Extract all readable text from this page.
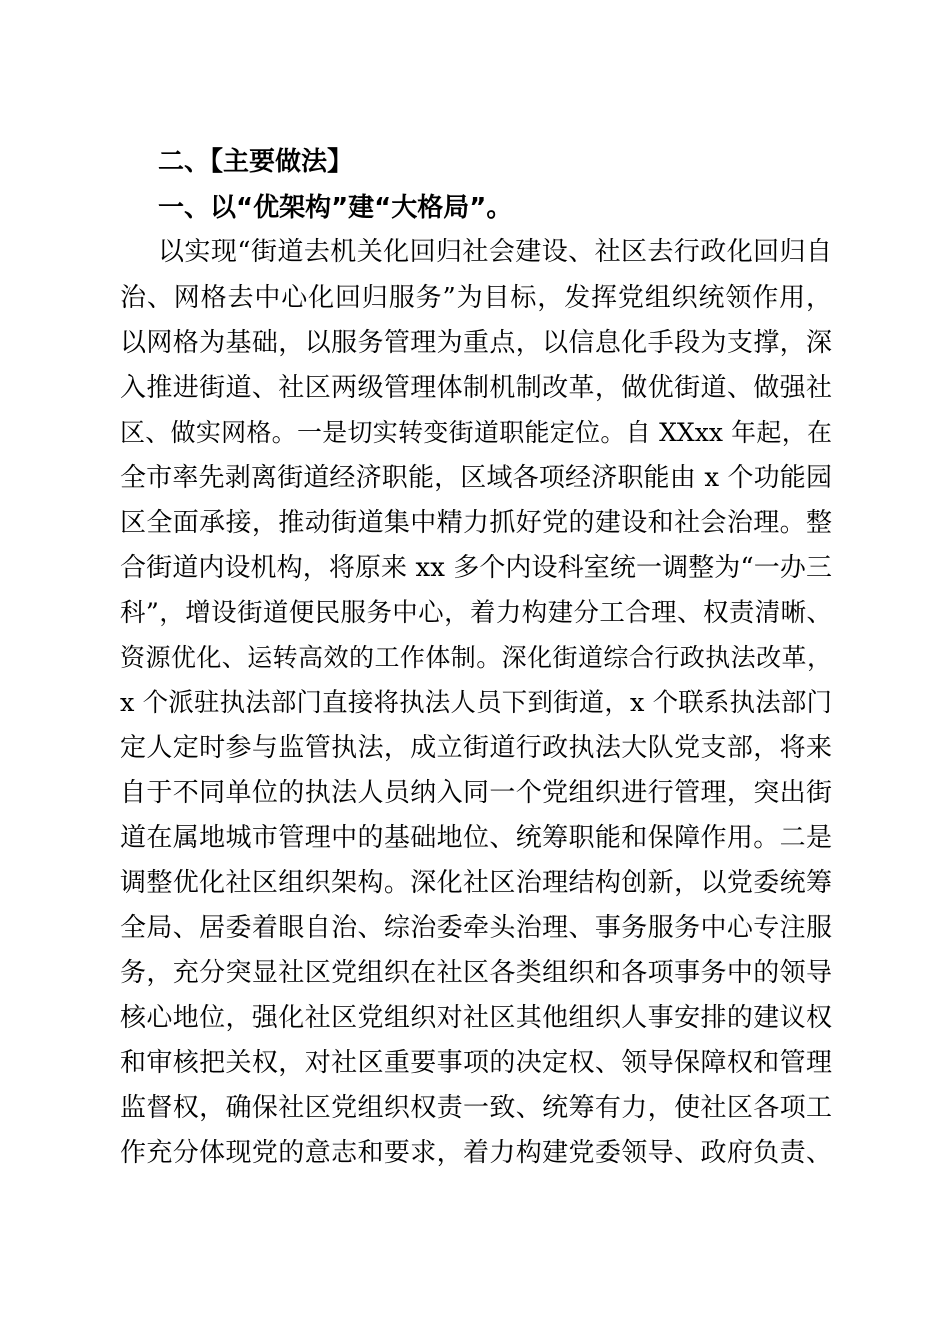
二、【主要做法】
一、以“优架构”建“大格局”。
以实现“街道去机关化回归社会建设、社区去行政化回归自
治、网格去中心化回归服务”为目标，发挥党组织统领作用，
以网格为基础，以服务管理为重点，以信息化手段为支撑，深
入推进街道、社区两级管理体制机制改革，做优街道、做强社
区、做实网格。一是切实转变街道职能定位。自 XXxx 年起，在
全市率先剥离街道经济职能，区域各项经济职能由 x 个功能园
区全面承接，推动街道集中精力抓好党的建设和社会治理。整
合街道内设机构，将原来 xx 多个内设科室统一调整为“一办三
科”，增设街道便民服务中心，着力构建分工合理、权责清晰、
资源优化、运转高效的工作体制。深化街道综合行政执法改革，
x 个派驻执法部门直接将执法人员下到街道，x 个联系执法部门
定人定时参与监管执法，成立街道行政执法大队党支部，将来
自于不同单位的执法人员纳入同一个党组织进行管理，突出街
道在属地城市管理中的基础地位、统筹职能和保障作用。二是
调整优化社区组织架构。深化社区治理结构创新，以党委统筹
全局、居委着眼自治、综治委牵头治理、事务服务中心专注服
务，充分突显社区党组织在社区各类组织和各项事务中的领导
核心地位，强化社区党组织对社区其他组织人事安排的建议权
和审核把关权，对社区重要事项的决定权、领导保障权和管理
监督权，确保社区党组织权责一致、统筹有力，使社区各项工
作充分体现党的意志和要求，着力构建党委领导、政府负责、
